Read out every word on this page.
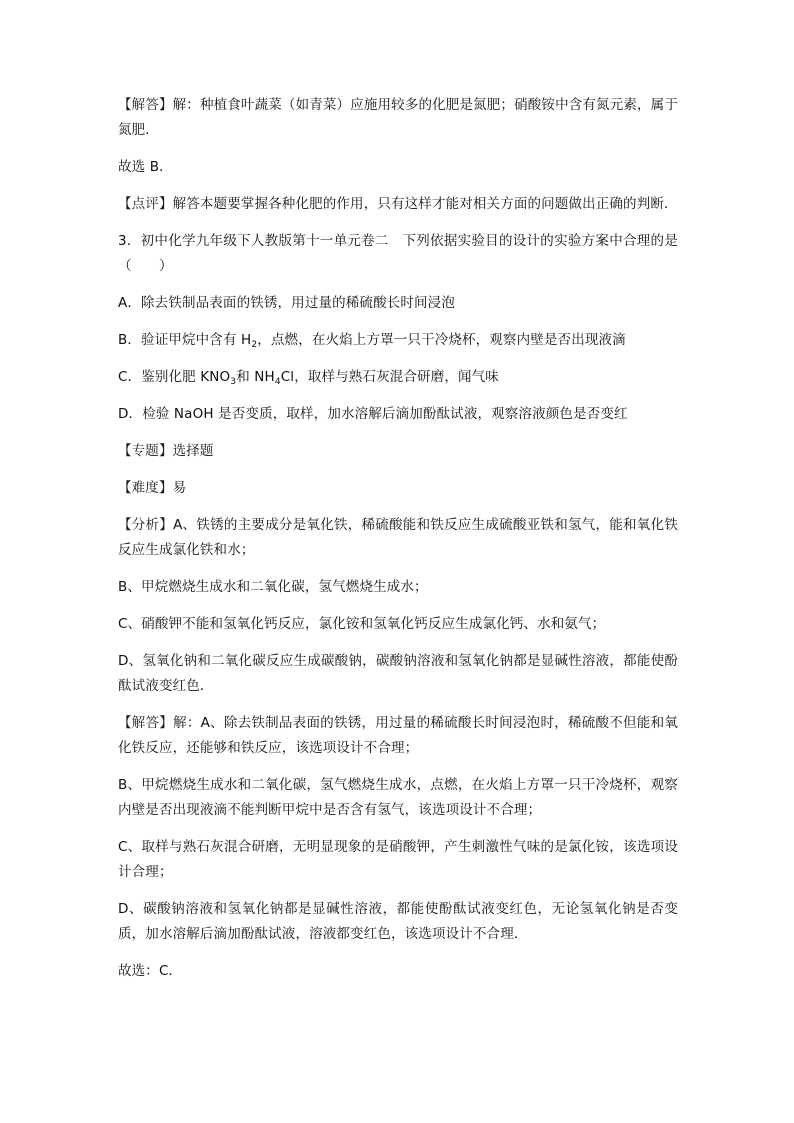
【解答】解：种植食叶蔬菜（如青菜）应施用较多的化肥是氮肥；硝酸铵中含有氮元素，属于氮肥．

故选 B．

【点评】解答本题要掌握各种化肥的作用，只有这样才能对相关方面的问题做出正确的判断．

3．初中化学九年级下人教版第十一单元卷二　下列依据实验目的设计的实验方案中合理的是（　　）

A．除去铁制品表面的铁锈，用过量的稀硫酸长时间浸泡

B．验证甲烷中含有 $H_2$，点燃，在火焰上方罩一只干冷烧杯，观察内壁是否出现液滴

C．鉴别化肥 $KNO_3$和 $NH_4Cl$，取样与熟石灰混合研磨，闻气味

D．检验 NaOH 是否变质，取样，加水溶解后滴加酚酞试液，观察溶液颜色是否变红

【专题】选择题

【难度】易

【分析】A、铁锈的主要成分是氧化铁，稀硫酸能和铁反应生成硫酸亚铁和氢气，能和氧化铁反应生成氯化铁和水；

B、甲烷燃烧生成水和二氧化碳，氢气燃烧生成水；

C、硝酸钾不能和氢氧化钙反应，氯化铵和氢氧化钙反应生成氯化钙、水和氨气；

D、氢氧化钠和二氧化碳反应生成碳酸钠，碳酸钠溶液和氢氧化钠都是显碱性溶液，都能使酚酞试液变红色．

【解答】解：A、除去铁制品表面的铁锈，用过量的稀硫酸长时间浸泡时，稀硫酸不但能和氧化铁反应，还能够和铁反应，该选项设计不合理；

B、甲烷燃烧生成水和二氧化碳，氢气燃烧生成水，点燃，在火焰上方罩一只干冷烧杯，观察内壁是否出现液滴不能判断甲烷中是否含有氢气，该选项设计不合理；

C、取样与熟石灰混合研磨，无明显现象的是硝酸钾，产生刺激性气味的是氯化铵，该选项设计合理；

D、碳酸钠溶液和氢氧化钠都是显碱性溶液，都能使酚酞试液变红色，无论氢氧化钠是否变质，加水溶解后滴加酚酞试液，溶液都变红色，该选项设计不合理．

故选：C．
